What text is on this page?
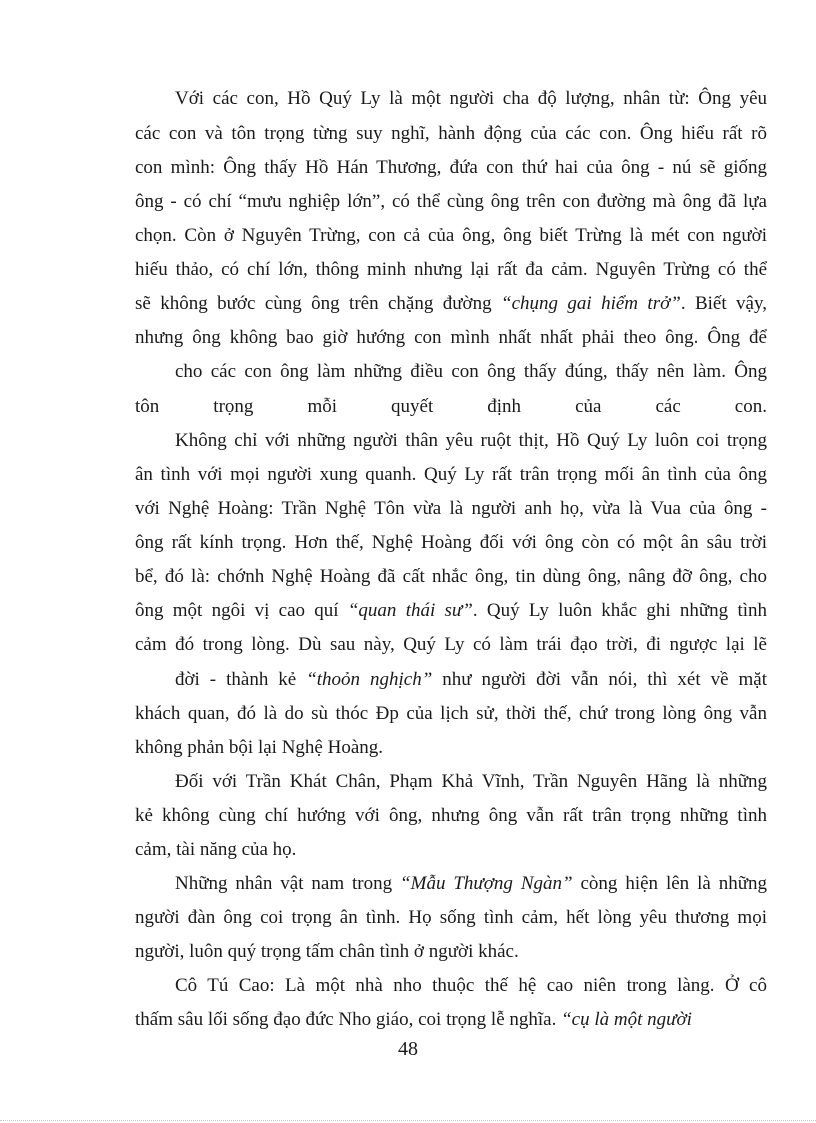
Với các con, Hồ Quý Ly là một người cha độ lượng, nhân từ: Ông yêu
các con và tôn trọng từng suy nghĩ, hành động của các con. Ông hiểu rất rõ
con mình: Ông thấy Hồ Hán Thương, đứa con thứ hai của ông - nú sẽ giống
ông - có chí “mưu nghiệp lớn”, có thể cùng ông trên con đường mà ông đã lựa
chọn. Còn ở Nguyên Trừng, con cả của ông, ông biết Trừng là mét con người
hiếu thảo, có chí lớn, thông minh nhưng lại rất đa cảm. Nguyên Trừng có thể
sẽ không bước cùng ông trên chặng đường “chụng gai hiểm trở”. Biết vậy,
nhưng ông không bao giờ hướng con mình nhất nhất phải theo ông. Ông để
cho các con ông làm những điều con ông thấy đúng, thấy nên làm. Ông
tôn trọng mỗi quyết định của các con.
Không chỉ với những người thân yêu ruột thịt, Hồ Quý Ly luôn coi trọng
ân tình với mọi người xung quanh. Quý Ly rất trân trọng mối ân tình của ông
với Nghệ Hoàng: Trần Nghệ Tôn vừa là người anh họ, vừa là Vua của ông -
ông rất kính trọng. Hơn thế, Nghệ Hoàng đối với ông còn có một ân sâu trời
bể, đó là: chớnh Nghệ Hoàng đã cất nhắc ông, tin dùng ông, nâng đỡ ông, cho
ông một ngôi vị cao quí “quan thái sư”. Quý Ly luôn khắc ghi những tình
cảm đó trong lòng. Dù sau này, Quý Ly có làm trái đạo trời, đi ngược lại lẽ
đời - thành kẻ “thoỏn nghịch” như người đời vẫn nói, thì xét về mặt
khách quan, đó là do sù thóc Đp của lịch sử, thời thế, chứ trong lòng ông vẫn
không phản bội lại Nghệ Hoàng.
Đối với Trần Khát Chân, Phạm Khả Vĩnh, Trần Nguyên Hãng là những
kẻ không cùng chí hướng với ông, nhưng ông vẫn rất trân trọng những tình
cảm, tài năng của họ.
Những nhân vật nam trong “Mẫu Thượng Ngàn” còng hiện lên là những
người đàn ông coi trọng ân tình. Họ sống tình cảm, hết lòng yêu thương mọi
người, luôn quý trọng tấm chân tình ở người khác.
Cô Tú Cao: Là một nhà nho thuộc thế hệ cao niên trong làng. Ở cô
thấm sâu lối sống đạo đức Nho giáo, coi trọng lễ nghĩa. “cụ là một người
48
